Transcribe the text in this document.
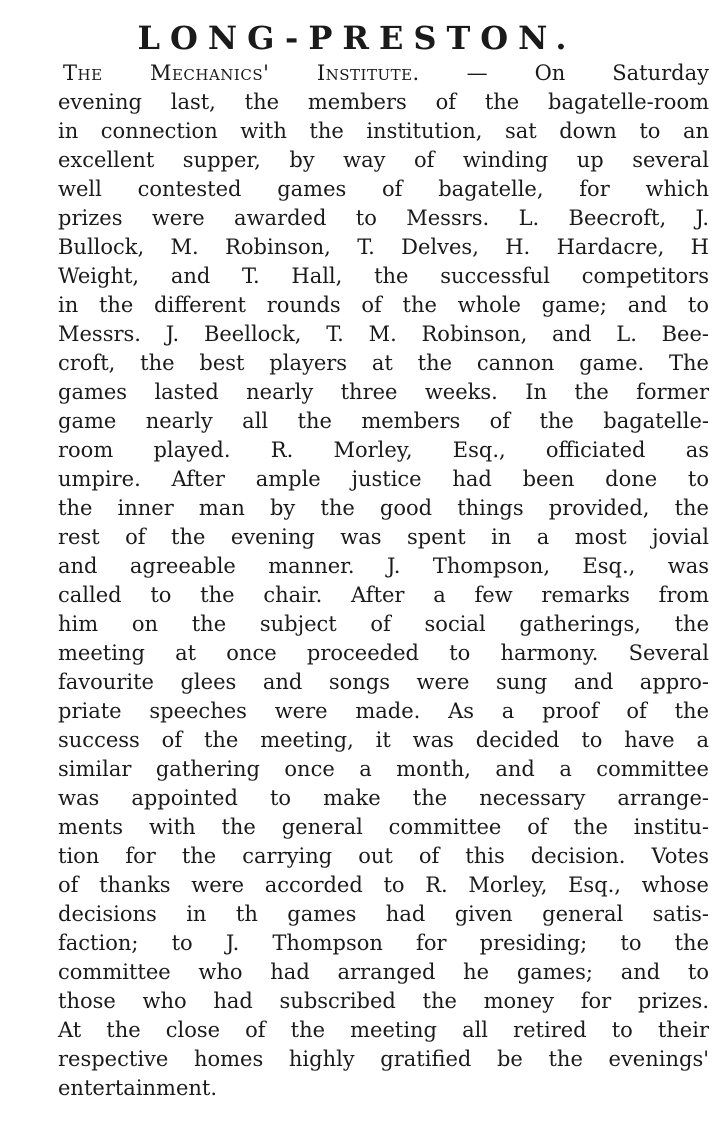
LONG-PRESTON.
The Mechanics' Institute. — On Saturday
evening last, the members of the bagatelle-room
in connection with the institution, sat down to an
excellent supper, by way of winding up several
well contested games of bagatelle, for which
prizes were awarded to Messrs. L. Beecroft, J.
Bullock, M. Robinson, T. Delves, H. Hardacre, H
Weight, and T. Hall, the successful competitors
in the different rounds of the whole game; and to
Messrs. J. Beellock, T. M. Robinson, and L. Bee-
croft, the best players at the cannon game. The
games lasted nearly three weeks. In the former
game nearly all the members of the bagatelle-
room played. R. Morley, Esq., officiated as
umpire. After ample justice had been done to
the inner man by the good things provided, the
rest of the evening was spent in a most jovial
and agreeable manner. J. Thompson, Esq., was
called to the chair. After a few remarks from
him on the subject of social gatherings, the
meeting at once proceeded to harmony. Several
favourite glees and songs were sung and appro-
priate speeches were made. As a proof of the
success of the meeting, it was decided to have a
similar gathering once a month, and a committee
was appointed to make the necessary arrange-
ments with the general committee of the institu-
tion for the carrying out of this decision. Votes
of thanks were accorded to R. Morley, Esq., whose
decisions in th games had given general satis-
faction; to J. Thompson for presiding; to the
committee who had arranged he games; and to
those who had subscribed the money for prizes.
At the close of the meeting all retired to their
respective homes highly gratified be the evenings'
entertainment.
